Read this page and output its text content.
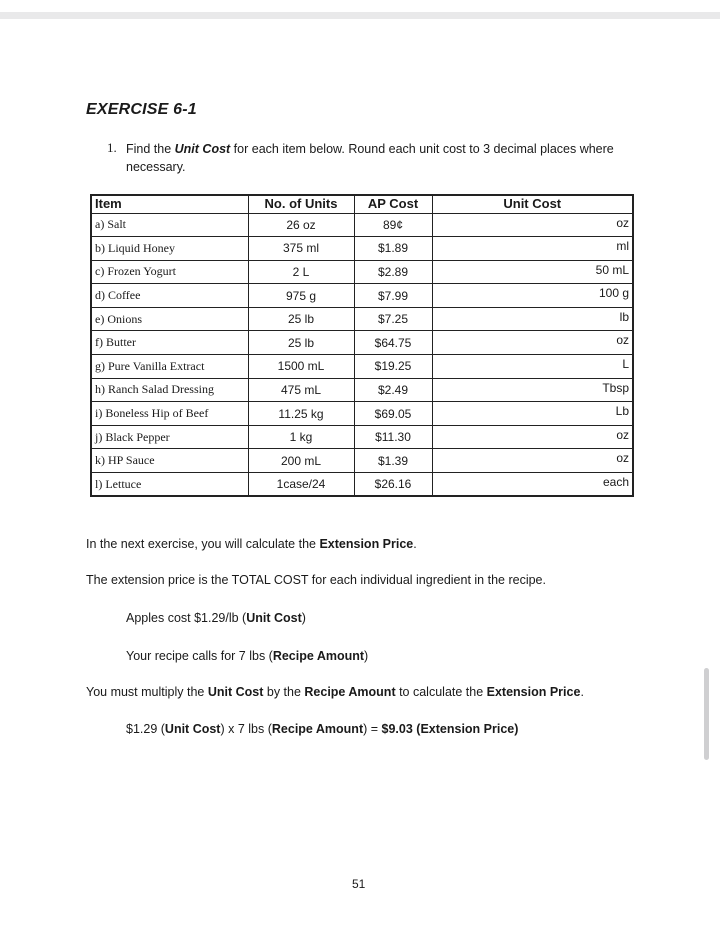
EXERCISE 6-1
1. Find the Unit Cost for each item below. Round each unit cost to 3 decimal places where necessary.
Item	No. of Units	AP Cost	Unit Cost
a) Salt	26 oz	89¢	oz
b) Liquid Honey	375 ml	$1.89	ml
c) Frozen Yogurt	2 L	$2.89	50 mL
d) Coffee	975 g	$7.99	100 g
e) Onions	25 lb	$7.25	lb
f) Butter	25 lb	$64.75	oz
g) Pure Vanilla Extract	1500 mL	$19.25	L
h) Ranch Salad Dressing	475 mL	$2.49	Tbsp
i) Boneless Hip of Beef	11.25 kg	$69.05	Lb
j) Black Pepper	1 kg	$11.30	oz
k) HP Sauce	200 mL	$1.39	oz
l) Lettuce	1case/24	$26.16	each
In the next exercise, you will calculate the Extension Price.
The extension price is the TOTAL COST for each individual ingredient in the recipe.
Apples cost $1.29/lb (Unit Cost)
Your recipe calls for 7 lbs (Recipe Amount)
You must multiply the Unit Cost by the Recipe Amount to calculate the Extension Price.
$1.29 (Unit Cost) x 7 lbs (Recipe Amount) = $9.03 (Extension Price)
51
